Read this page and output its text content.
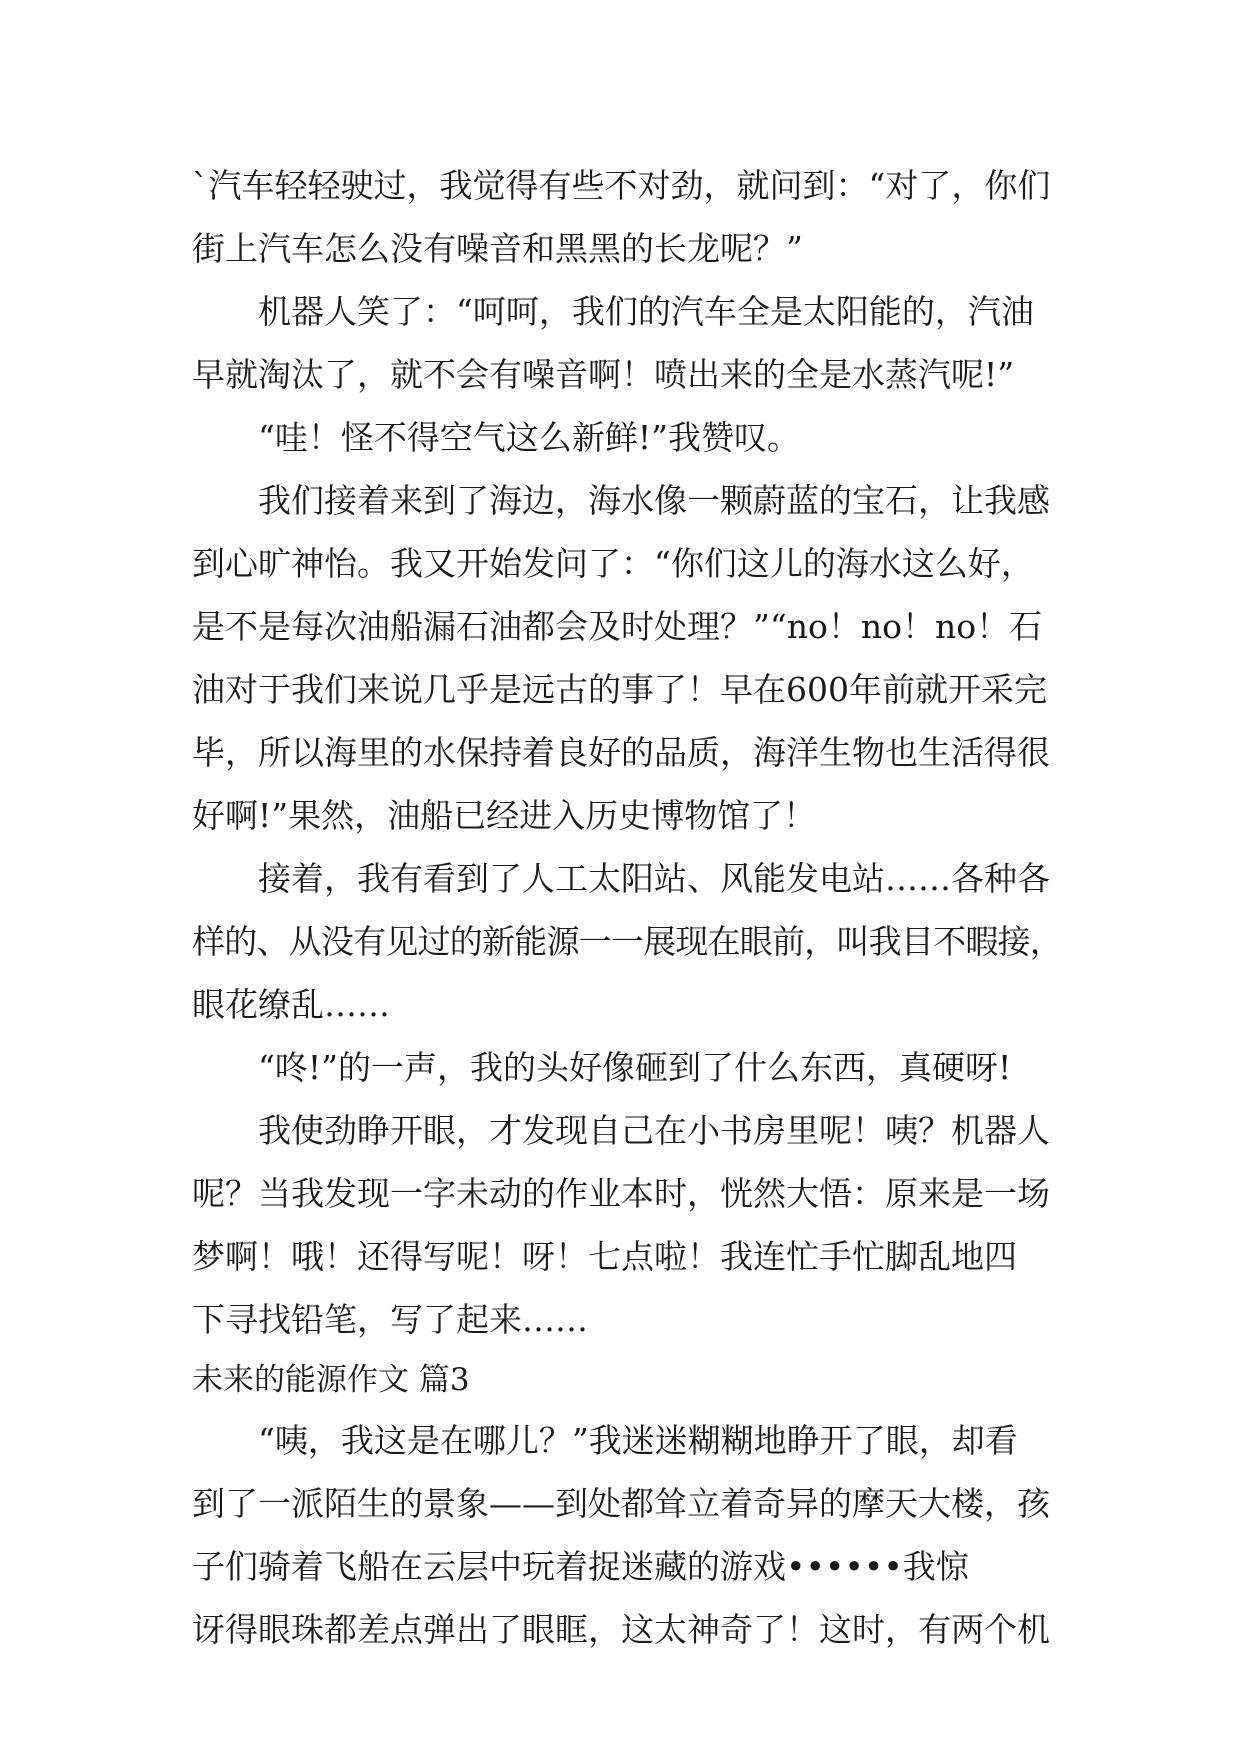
`汽车轻轻驶过，我觉得有些不对劲，就问到：“对了，你们
街上汽车怎么没有噪音和黑黑的长龙呢？”
机器人笑了：“呵呵，我们的汽车全是太阳能的，汽油
早就淘汰了，就不会有噪音啊！喷出来的全是水蒸汽呢!”
“哇！怪不得空气这么新鲜!”我赞叹。
我们接着来到了海边，海水像一颗蔚蓝的宝石，让我感
到心旷神怡。我又开始发问了：“你们这儿的海水这么好，
是不是每次油船漏石油都会及时处理？”“no！no！no！石
油对于我们来说几乎是远古的事了！早在600年前就开采完
毕，所以海里的水保持着良好的品质，海洋生物也生活得很
好啊!”果然，油船已经进入历史博物馆了！
接着，我有看到了人工太阳站、风能发电站……各种各
样的、从没有见过的新能源一一展现在眼前，叫我目不暇接，
眼花缭乱……
“咚!”的一声，我的头好像砸到了什么东西，真硬呀!
我使劲睁开眼，才发现自己在小书房里呢！咦？机器人
呢？当我发现一字未动的作业本时，恍然大悟：原来是一场
梦啊！哦！还得写呢！呀！七点啦！我连忙手忙脚乱地四
下寻找铅笔，写了起来……
未来的能源作文 篇3
“咦，我这是在哪儿？”我迷迷糊糊地睁开了眼，却看
到了一派陌生的景象——到处都耸立着奇异的摩天大楼，孩
子们骑着飞船在云层中玩着捉迷藏的游戏••••••我惊
讶得眼珠都差点弹出了眼眶，这太神奇了！这时，有两个机
